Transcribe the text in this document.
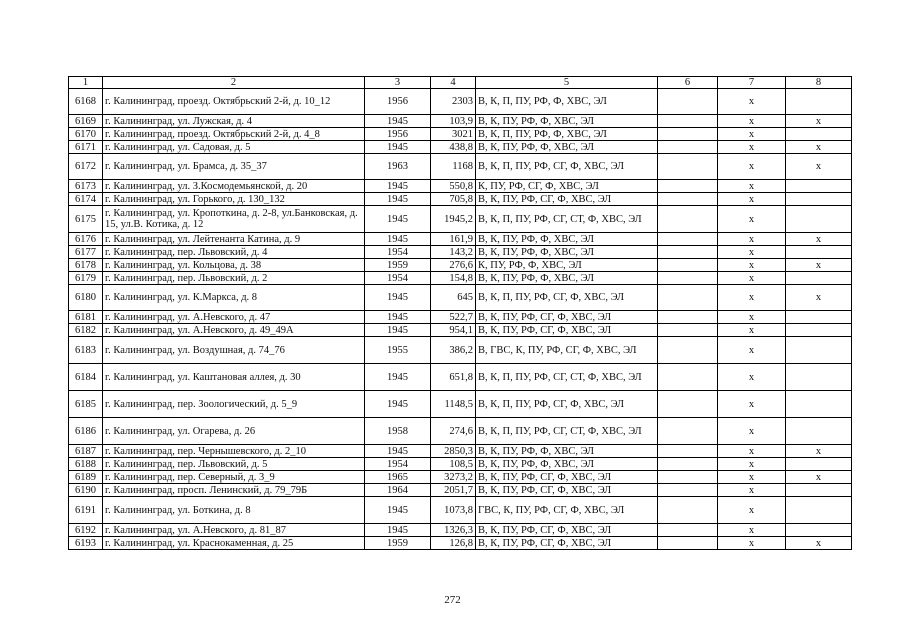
1	2	3	4	5	6	7	8
6168	г. Калининград, проезд. Октябрьский 2-й, д. 10_12	1956	2303	В, К, П, ПУ, РФ, Ф, ХВС, ЭЛ		x	
6169	г. Калининград, ул. Лужская, д. 4	1945	103,9	В, К, ПУ, РФ, Ф, ХВС, ЭЛ		x	x
6170	г. Калининград, проезд. Октябрьский 2-й, д. 4_8	1956	3021	В, К, П, ПУ, РФ, Ф, ХВС, ЭЛ		x	
6171	г. Калининград, ул. Садовая, д. 5	1945	438,8	В, К, ПУ, РФ, Ф, ХВС, ЭЛ		x	x
6172	г. Калининград, ул. Брамса, д. 35_37	1963	1168	В, К, П, ПУ, РФ, СГ, Ф, ХВС, ЭЛ		x	x
6173	г. Калининград, ул. З.Космодемьянской, д. 20	1945	550,8	К, ПУ, РФ, СГ, Ф, ХВС, ЭЛ		x	
6174	г. Калининград, ул. Горького, д. 130_132	1945	705,8	В, К, ПУ, РФ, СГ, Ф, ХВС, ЭЛ		x	
6175	г. Калининград, ул. Кропоткина, д. 2-8, ул.Банковская, д. 15, ул.В. Котика, д. 12	1945	1945,2	В, К, П, ПУ, РФ, СГ, СТ, Ф, ХВС, ЭЛ		x	
6176	г. Калининград, ул. Лейтенанта Катина, д. 9	1945	161,9	В, К, ПУ, РФ, Ф, ХВС, ЭЛ		x	x
6177	г. Калининград, пер. Львовский, д. 4	1954	143,2	В, К, ПУ, РФ, Ф, ХВС, ЭЛ		x	
6178	г. Калининград, ул. Кольцова, д. 38	1959	276,6	К, ПУ, РФ, Ф, ХВС, ЭЛ		x	x
6179	г. Калининград, пер. Львовский, д. 2	1954	154,8	В, К, ПУ, РФ, Ф, ХВС, ЭЛ		x	
6180	г. Калининград, ул. К.Маркса, д. 8	1945	645	В, К, П, ПУ, РФ, СГ, Ф, ХВС, ЭЛ		x	x
6181	г. Калининград, ул. А.Невского, д. 47	1945	522,7	В, К, ПУ, РФ, СГ, Ф, ХВС, ЭЛ		x	
6182	г. Калининград, ул. А.Невского, д. 49_49А	1945	954,1	В, К, ПУ, РФ, СГ, Ф, ХВС, ЭЛ		x	
6183	г. Калининград, ул. Воздушная, д. 74_76	1955	386,2	В, ГВС, К, ПУ, РФ, СГ, Ф, ХВС, ЭЛ		x	
6184	г. Калининград, ул. Каштановая аллея, д. 30	1945	651,8	В, К, П, ПУ, РФ, СГ, СТ, Ф, ХВС, ЭЛ		x	
6185	г. Калининград, пер. Зоологический, д. 5_9	1945	1148,5	В, К, П, ПУ, РФ, СГ, Ф, ХВС, ЭЛ		x	
6186	г. Калининград, ул. Огарева, д. 26	1958	274,6	В, К, П, ПУ, РФ, СГ, СТ, Ф, ХВС, ЭЛ		x	
6187	г. Калининград, пер. Чернышевского, д. 2_10	1945	2850,3	В, К, ПУ, РФ, Ф, ХВС, ЭЛ		x	x
6188	г. Калининград, пер. Львовский, д. 5	1954	108,5	В, К, ПУ, РФ, Ф, ХВС, ЭЛ		x	
6189	г. Калининград, пер. Северный, д. 3_9	1965	3273,2	В, К, ПУ, РФ, СГ, Ф, ХВС, ЭЛ		x	x
6190	г. Калининград, просп. Ленинский, д. 79_79Б	1964	2051,7	В, К, ПУ, РФ, СГ, Ф, ХВС, ЭЛ		x	
6191	г. Калининград, ул. Боткина, д. 8	1945	1073,8	ГВС, К, ПУ, РФ, СГ, Ф, ХВС, ЭЛ		x	
6192	г. Калининград, ул. А.Невского, д. 81_87	1945	1326,3	В, К, ПУ, РФ, СГ, Ф, ХВС, ЭЛ		x	
6193	г. Калининград, ул. Краснокаменная, д. 25	1959	126,8	В, К, ПУ, РФ, СГ, Ф, ХВС, ЭЛ		x	x
272
